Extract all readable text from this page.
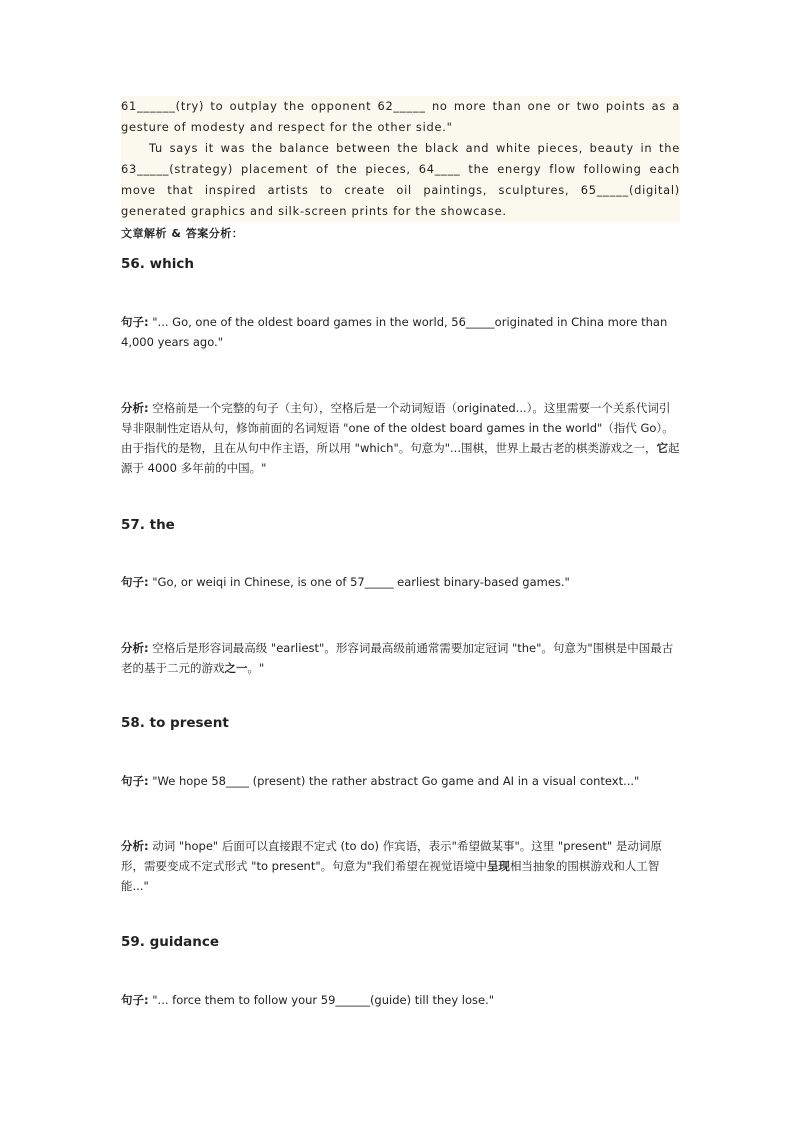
61______(try) to outplay the opponent 62_____ no more than one or two points as a gesture of modesty and respect for the other side."

Tu says it was the balance between the black and white pieces, beauty in the 63_____(strategy) placement of the pieces, 64____ the energy flow following each move that inspired artists to create oil paintings, sculptures, 65_____(digital) generated graphics and silk-screen prints for the showcase.

文章解析 & 答案分析：
56. which
句子: "... Go, one of the oldest board games in the world, 56_____originated in China more than 4,000 years ago."
分析: 空格前是一个完整的句子（主句），空格后是一个动词短语（originated...）。这里需要一个关系代词引导非限制性定语从句，修饰前面的名词短语 "one of the oldest board games in the world"（指代 Go）。由于指代的是物，且在从句中作主语，所以用 "which"。句意为"...围棋，世界上最古老的棋类游戏之一，它起源于 4000 多年前的中国。"
57. the
句子: "Go, or weiqi in Chinese, is one of 57_____ earliest binary-based games."
分析: 空格后是形容词最高级 "earliest"。形容词最高级前通常需要加定冠词 "the"。句意为"围棋是中国最古老的基于二元的游戏之一。"
58. to present
句子: "We hope 58____ (present) the rather abstract Go game and AI in a visual context..."
分析: 动词 "hope" 后面可以直接跟不定式 (to do) 作宾语，表示"希望做某事"。这里 "present" 是动词原形，需要变成不定式形式 "to present"。句意为"我们希望在视觉语境中呈现相当抽象的围棋游戏和人工智能..."
59. guidance
句子: "... force them to follow your 59______(guide) till they lose."
